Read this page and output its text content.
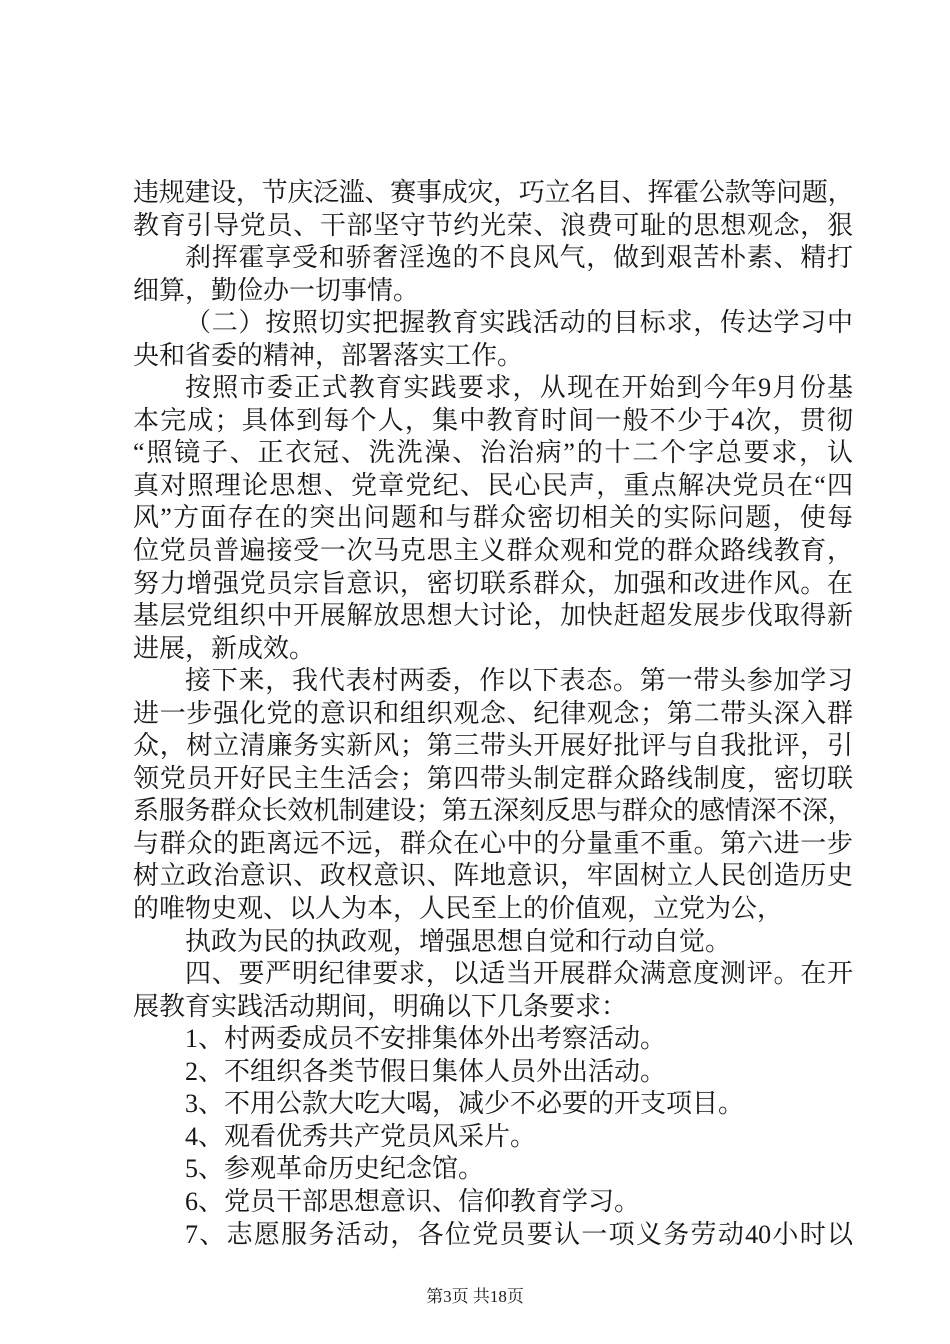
违规建设，节庆泛滥、赛事成灾，巧立名目、挥霍公款等问题，
教育引导党员、干部坚守节约光荣、浪费可耻的思想观念，狠
刹挥霍享受和骄奢淫逸的不良风气，做到艰苦朴素、精打
细算，勤俭办一切事情。
（二）按照切实把握教育实践活动的目标求，传达学习中
央和省委的精神，部署落实工作。
按照市委正式教育实践要求，从现在开始到今年9月份基
本完成；具体到每个人，集中教育时间一般不少于4次，贯彻
“照镜子、正衣冠、洗洗澡、治治病”的十二个字总要求，认
真对照理论思想、党章党纪、民心民声，重点解决党员在“四
风”方面存在的突出问题和与群众密切相关的实际问题，使每
位党员普遍接受一次马克思主义群众观和党的群众路线教育，
努力增强党员宗旨意识，密切联系群众，加强和改进作风。在
基层党组织中开展解放思想大讨论，加快赶超发展步伐取得新
进展，新成效。
接下来，我代表村两委，作以下表态。第一带头参加学习
进一步强化党的意识和组织观念、纪律观念；第二带头深入群
众，树立清廉务实新风；第三带头开展好批评与自我批评，引
领党员开好民主生活会；第四带头制定群众路线制度，密切联
系服务群众长效机制建设；第五深刻反思与群众的感情深不深，
与群众的距离远不远，群众在心中的分量重不重。第六进一步
树立政治意识、政权意识、阵地意识，牢固树立人民创造历史
的唯物史观、以人为本，人民至上的价值观，立党为公，
执政为民的执政观，增强思想自觉和行动自觉。
四、要严明纪律要求，以适当开展群众满意度测评。在开
展教育实践活动期间，明确以下几条要求：
1、村两委成员不安排集体外出考察活动。
2、不组织各类节假日集体人员外出活动。
3、不用公款大吃大喝，减少不必要的开支项目。
4、观看优秀共产党员风采片。
5、参观革命历史纪念馆。
6、党员干部思想意识、信仰教育学习。
7、志愿服务活动，各位党员要认一项义务劳动40小时以
第3页 共18页
